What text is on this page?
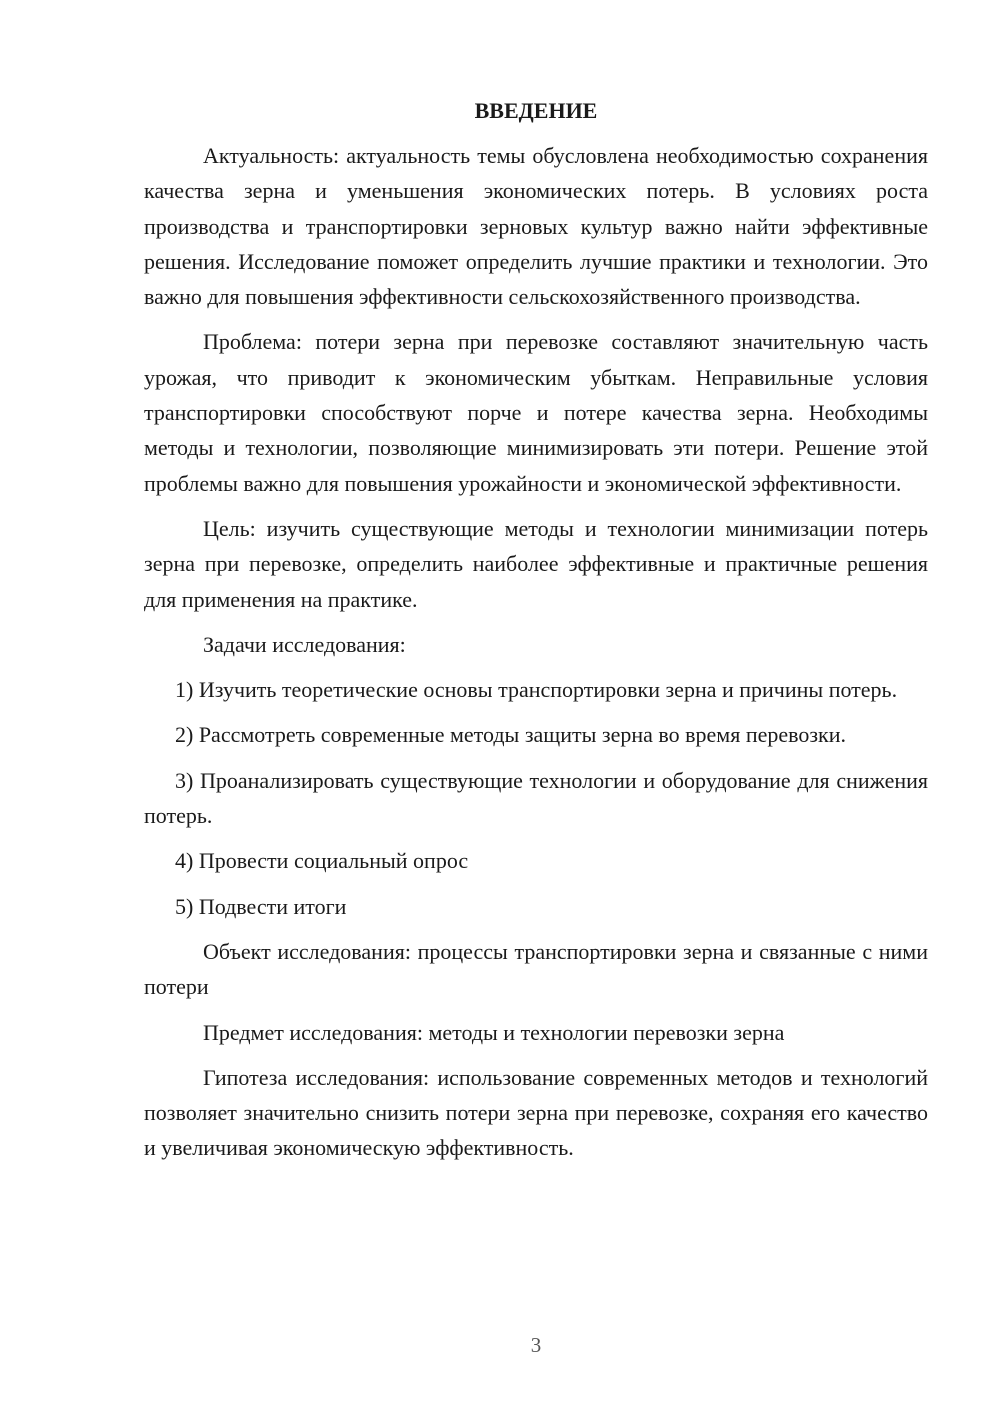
ВВЕДЕНИЕ

Актуальность: актуальность темы обусловлена необходимостью сохранения качества зерна и уменьшения экономических потерь. В условиях роста производства и транспортировки зерновых культур важно найти эффективные решения. Исследование поможет определить лучшие практики и технологии. Это важно для повышения эффективности сельскохозяйственного производства.

Проблема: потери зерна при перевозке составляют значительную часть урожая, что приводит к экономическим убыткам. Неправильные условия транспортировки способствуют порче и потере качества зерна. Необходимы методы и технологии, позволяющие минимизировать эти потери. Решение этой проблемы важно для повышения урожайности и экономической эффективности.

Цель: изучить существующие методы и технологии минимизации потерь зерна при перевозке, определить наиболее эффективные и практичные решения для применения на практике.

Задачи исследования:

1) Изучить теоретические основы транспортировки зерна и причины потерь.

2) Рассмотреть современные методы защиты зерна во время перевозки.

3) Проанализировать существующие технологии и оборудование для снижения потерь.

4) Провести социальный опрос

5) Подвести итоги

Объект исследования: процессы транспортировки зерна и связанные с ними потери

Предмет исследования: методы и технологии перевозки зерна

Гипотеза исследования: использование современных методов и технологий позволяет значительно снизить потери зерна при перевозке, сохраняя его качество и увеличивая экономическую эффективность.

3
